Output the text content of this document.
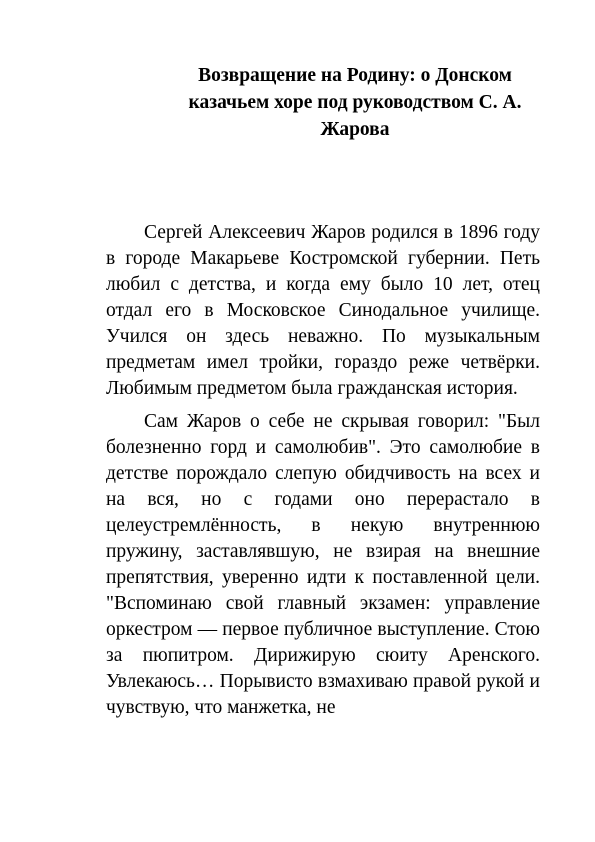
Возвращение на Родину: о Донском
казачьем хоре под руководством С. А.
Жарова

Сергей Алексеевич Жаров родился в 1896 году в городе Макарьеве Костромской губернии. Петь любил с детства, и когда ему было 10 лет, отец отдал его в Московское Синодальное училище. Учился он здесь неважно. По музыкальным предметам имел тройки, гораздо реже четвёрки. Любимым предметом была гражданская история.

Сам Жаров о себе не скрывая говорил: "Был болезненно горд и самолюбив". Это самолюбие в детстве порождало слепую обидчивость на всех и на вся, но с годами оно перерастало в целеустремлённость, в некую внутреннюю пружину, заставлявшую, не взирая на внешние препятствия, уверенно идти к поставленной цели. "Вспоминаю свой главный экзамен: управление оркестром — первое публичное выступление. Стою за пюпитром. Дирижирую сюиту Аренского. Увлекаюсь… Порывисто взмахиваю правой рукой и чувствую, что манжетка, не
